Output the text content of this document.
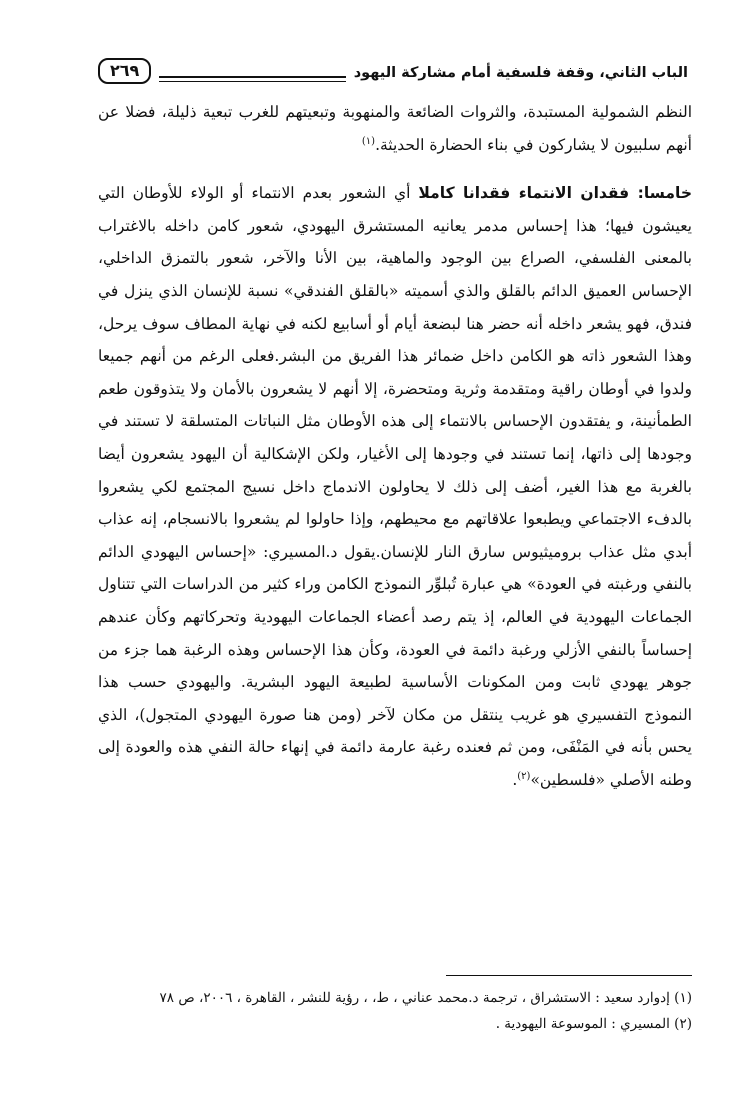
الباب الثاني، وقفة فلسفية أمام مشاركة اليهود
٢٦٩

النظم الشمولية المستبدة، والثروات الضائعة والمنهوبة وتبعيتهم للغرب تبعية ذليلة، فضلا عن أنهم سلبيون لا يشاركون في بناء الحضارة الحديثة.$^{(١)}$

خامسا: فقدان الانتماء فقدانا كاملا أي الشعور بعدم الانتماء أو الولاء للأوطان التي يعيشون فيها؛ هذا إحساس مدمر يعانيه المستشرق اليهودي، شعور كامن داخله بالاغتراب بالمعنى الفلسفي، الصراع بين الوجود والماهية، بين الأنا والآخر، شعور بالتمزق الداخلي، الإحساس العميق الدائم بالقلق والذي أسميته «بالقلق الفندقي» نسبة للإنسان الذي ينزل في فندق، فهو يشعر داخله أنه حضر هنا لبضعة أيام أو أسابيع لكنه في نهاية المطاف سوف يرحل، وهذا الشعور ذاته هو الكامن داخل ضمائر هذا الفريق من البشر.فعلى الرغم من أنهم جميعا ولدوا في أوطان راقية ومتقدمة وثرية ومتحضرة، إلا أنهم لا يشعرون بالأمان ولا يتذوقون طعم الطمأنينة، و يفتقدون الإحساس بالانتماء إلى هذه الأوطان مثل النباتات المتسلقة لا تستند في وجودها إلى ذاتها، إنما تستند في وجودها إلى الأغيار، ولكن الإشكالية أن اليهود يشعرون أيضا بالغربة مع هذا الغير، أضف إلى ذلك لا يحاولون الاندماج داخل نسيج المجتمع لكي يشعروا بالدفء الاجتماعي ويطبعوا علاقاتهم مع محيطهم، وإذا حاولوا لم يشعروا بالانسجام، إنه عذاب أبدي مثل عذاب بروميثيوس سارق النار للإنسان.يقول د.المسيري: «إحساس اليهودي الدائم بالنفي ورغبته في العودة» هي عبارة تُبلوِّر النموذج الكامن وراء كثير من الدراسات التي تتناول الجماعات اليهودية في العالم، إذ يتم رصد أعضاء الجماعات اليهودية وتحركاتهم وكأن عندهم إحساساً بالنفي الأزلي ورغبة دائمة في العودة، وكأن هذا الإحساس وهذه الرغبة هما جزء من جوهر يهودي ثابت ومن المكونات الأساسية لطبيعة اليهود البشرية. واليهودي حسب هذا النموذج التفسيري هو غريب ينتقل من مكان لآخر (ومن هنا صورة اليهودي المتجول)، الذي يحس بأنه في المَنْفَى، ومن ثم فعنده رغبة عارمة دائمة في إنهاء حالة النفي هذه والعودة إلى وطنه الأصلي «فلسطين»$^{(٢)}$.

(١) إدوارد سعيد : الاستشراق ، ترجمة د.محمد عناني ، ط، ، رؤية للنشر ، القاهرة ، ٢٠٠٦، ص ٧٨

(٢) المسيري : الموسوعة اليهودية .
